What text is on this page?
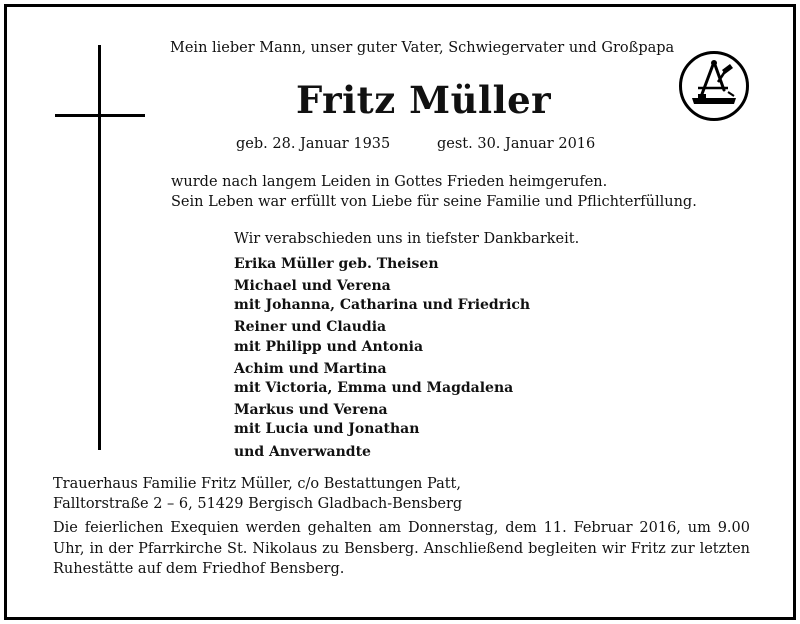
Mein lieber Mann, unser guter Vater, Schwiegervater und Großpapa
Fritz Müller
geb. 28. Januar 1935	gest. 30. Januar 2016
wurde nach langem Leiden in Gottes Frieden heimgerufen.
Sein Leben war erfüllt von Liebe für seine Familie und Pflichterfüllung.
Wir verabschieden uns in tiefster Dankbarkeit.
Erika Müller geb. Theisen
Michael und Verena
mit Johanna, Catharina und Friedrich
Reiner und Claudia
mit Philipp und Antonia
Achim und Martina
mit Victoria, Emma und Magdalena
Markus und Verena
mit Lucia und Jonathan
und Anverwandte
Trauerhaus Familie Fritz Müller, c/o Bestattungen Patt,
Falltorstraße 2 – 6, 51429 Bergisch Gladbach-Bensberg
Die feierlichen Exequien werden gehalten am Donnerstag, dem 11. Februar 2016, um 9.00 Uhr, in der Pfarrkirche St. Nikolaus zu Bensberg. Anschließend begleiten wir Fritz zur letzten Ruhestätte auf dem Friedhof Bensberg.
